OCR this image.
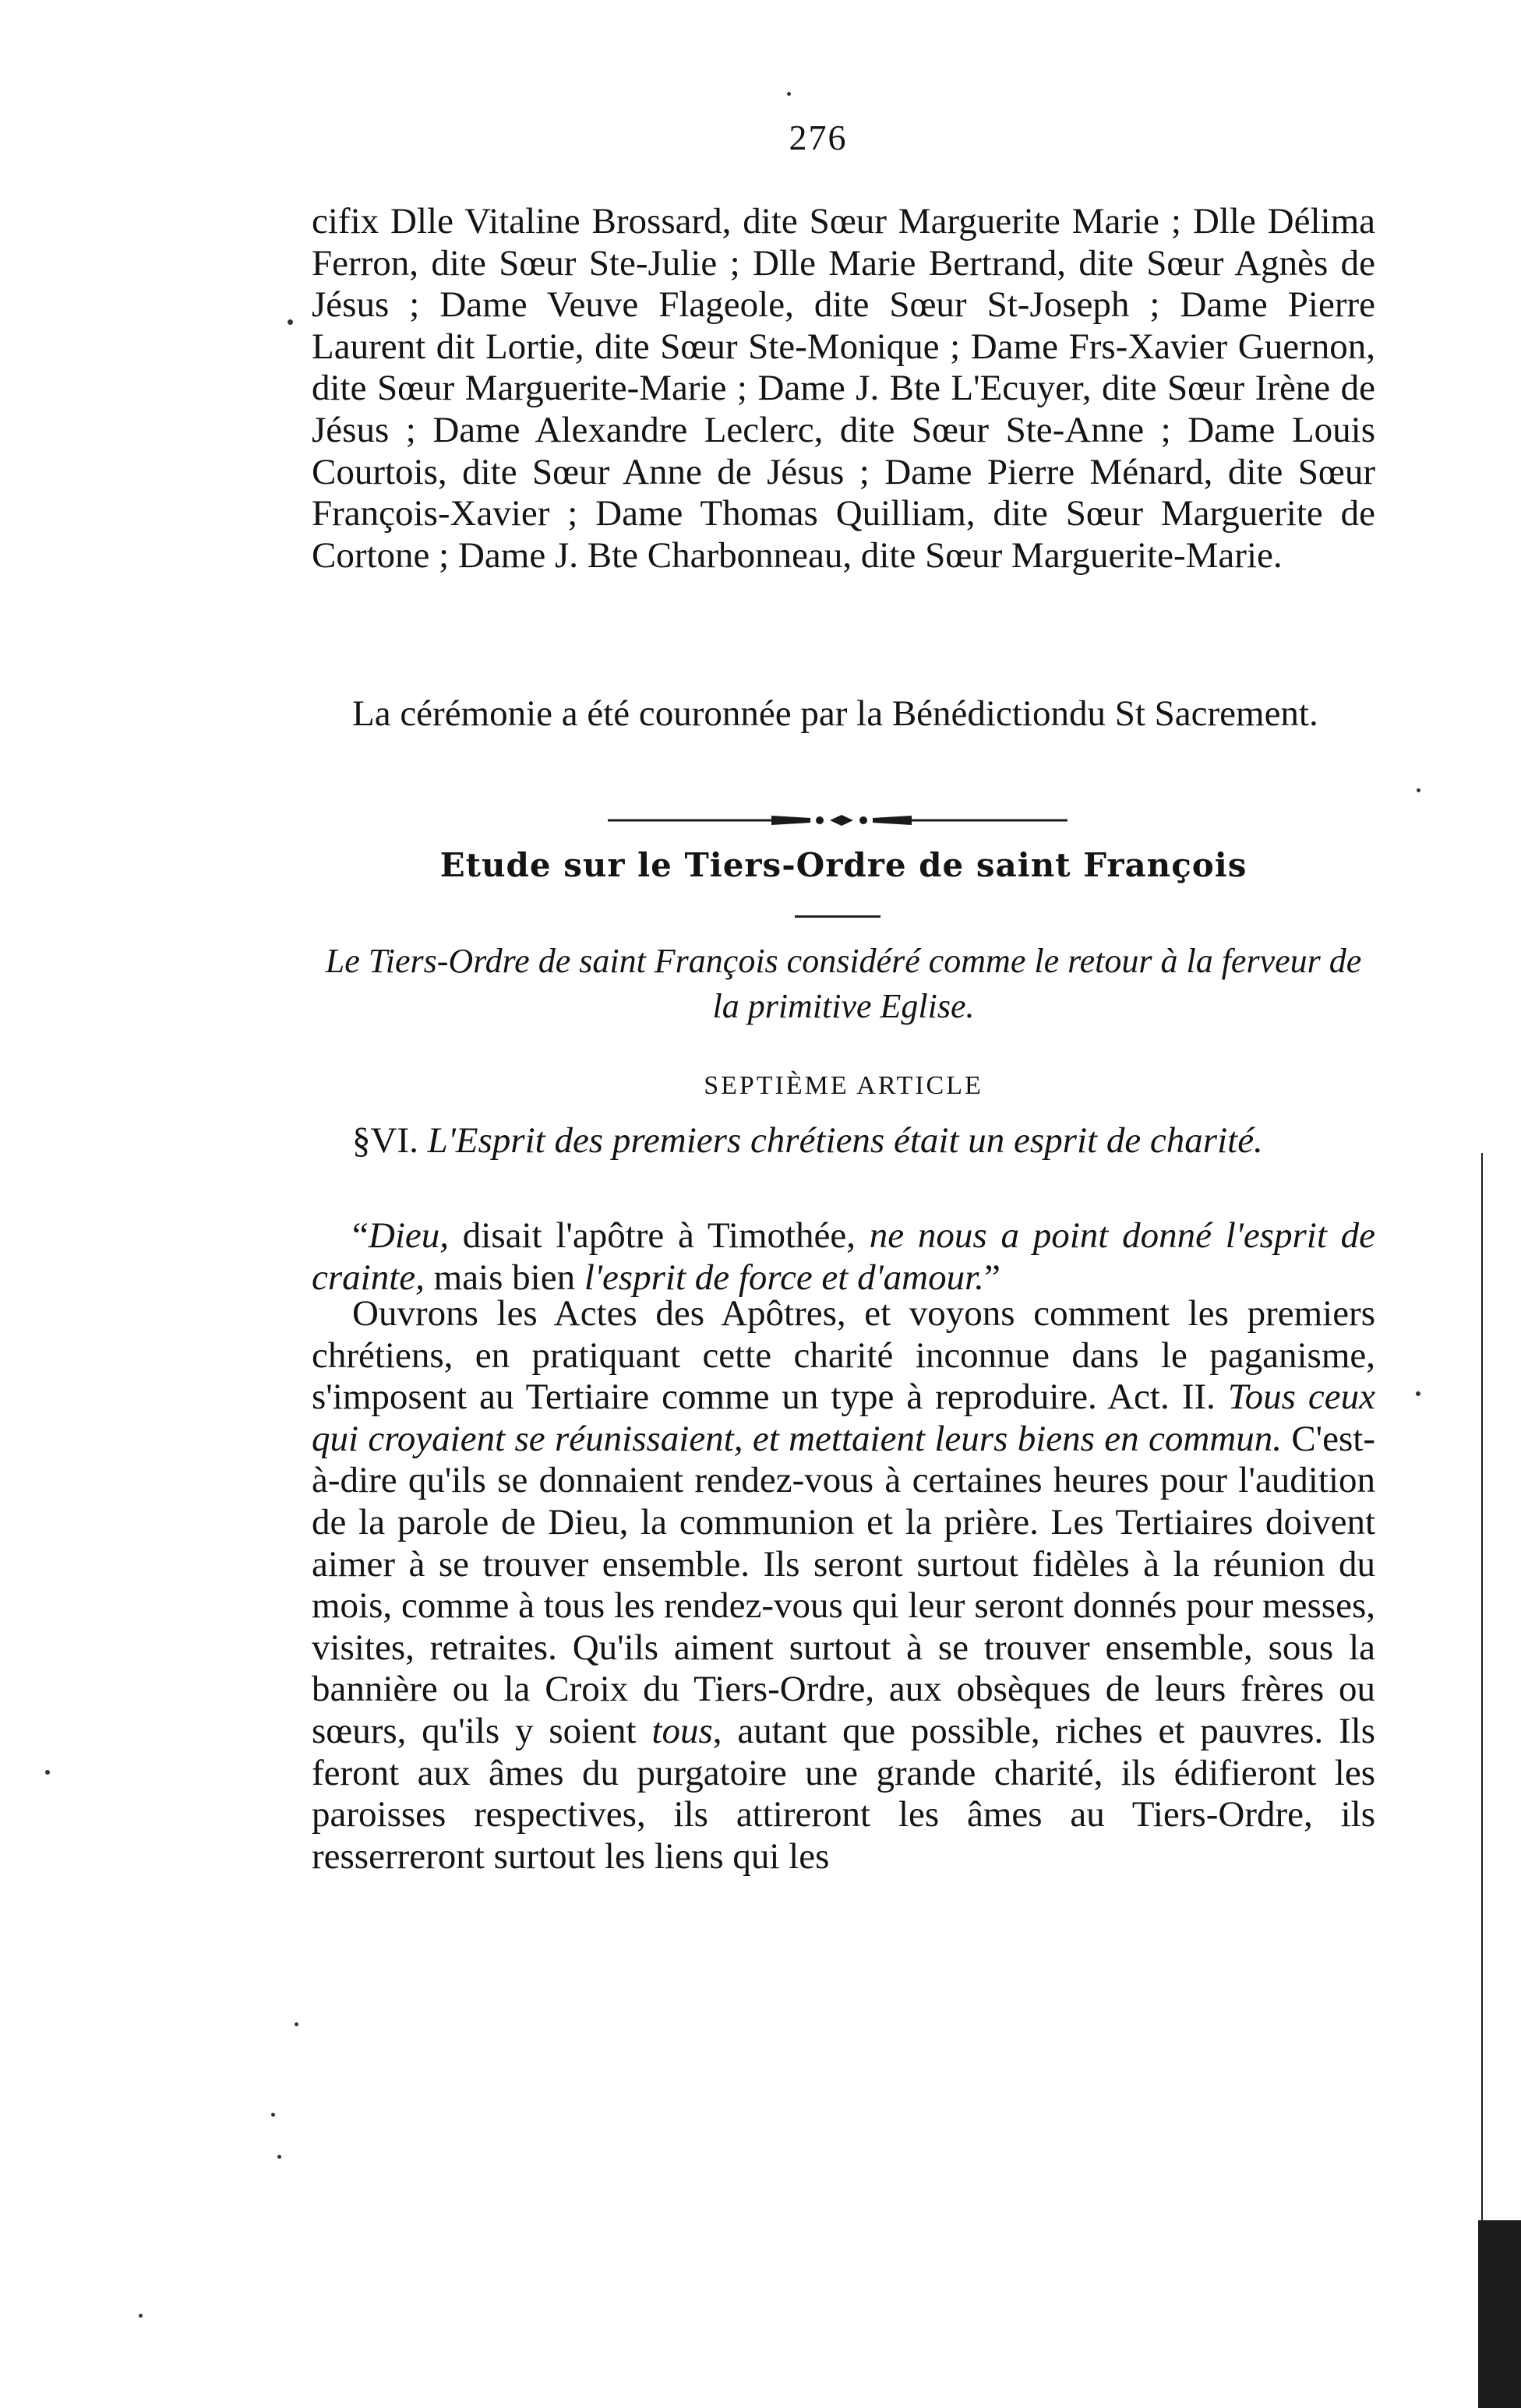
276

cifix Dlle Vitaline Brossard, dite Sœur Marguerite Marie ; Dlle Délima Ferron, dite Sœur Ste-Julie ; Dlle Marie Bertrand, dite Sœur Agnès de Jésus ; Dame Veuve Flageole, dite Sœur St-Joseph ; Dame Pierre Laurent dit Lortie, dite Sœur Ste-Monique ; Dame Frs-Xavier Guernon, dite Sœur Marguerite-Marie ; Dame J. Bte L'Ecuyer, dite Sœur Irène de Jésus ; Dame Alexandre Leclerc, dite Sœur Ste-Anne ; Dame Louis Courtois, dite Sœur Anne de Jésus ; Dame Pierre Ménard, dite Sœur François-Xavier ; Dame Thomas Quilliam, dite Sœur Marguerite de Cortone ; Dame J. Bte Charbonneau, dite Sœur Marguerite-Marie.

La cérémonie a été couronnée par la Bénédictiondu St Sacrement.

Etude sur le Tiers-Ordre de saint François
Le Tiers-Ordre de saint François considéré comme le retour à la ferveur de la primitive Eglise.
SEPTIÈME ARTICLE

§VI. L'Esprit des premiers chrétiens était un esprit de charité.

“Dieu, disait l'apôtre à Timothée, ne nous a point donné l'esprit de crainte, mais bien l'esprit de force et d'amour.”

Ouvrons les Actes des Apôtres, et voyons comment les premiers chrétiens, en pratiquant cette charité inconnue dans le paganisme, s'imposent au Tertiaire comme un type à reproduire. Act. II. Tous ceux qui croyaient se réunissaient, et mettaient leurs biens en commun. C'est-à-dire qu'ils se donnaient rendez-vous à certaines heures pour l'audition de la parole de Dieu, la communion et la prière. Les Tertiaires doivent aimer à se trouver ensemble. Ils seront surtout fidèles à la réunion du mois, comme à tous les rendez-vous qui leur seront donnés pour messes, visites, retraites. Qu'ils aiment surtout à se trouver ensemble, sous la bannière ou la Croix du Tiers-Ordre, aux obsèques de leurs frères ou sœurs, qu'ils y soient tous, autant que possible, riches et pauvres. Ils feront aux âmes du purgatoire une grande charité, ils édifieront les paroisses respectives, ils attireront les âmes au Tiers-Ordre, ils resserreront surtout les liens qui les
